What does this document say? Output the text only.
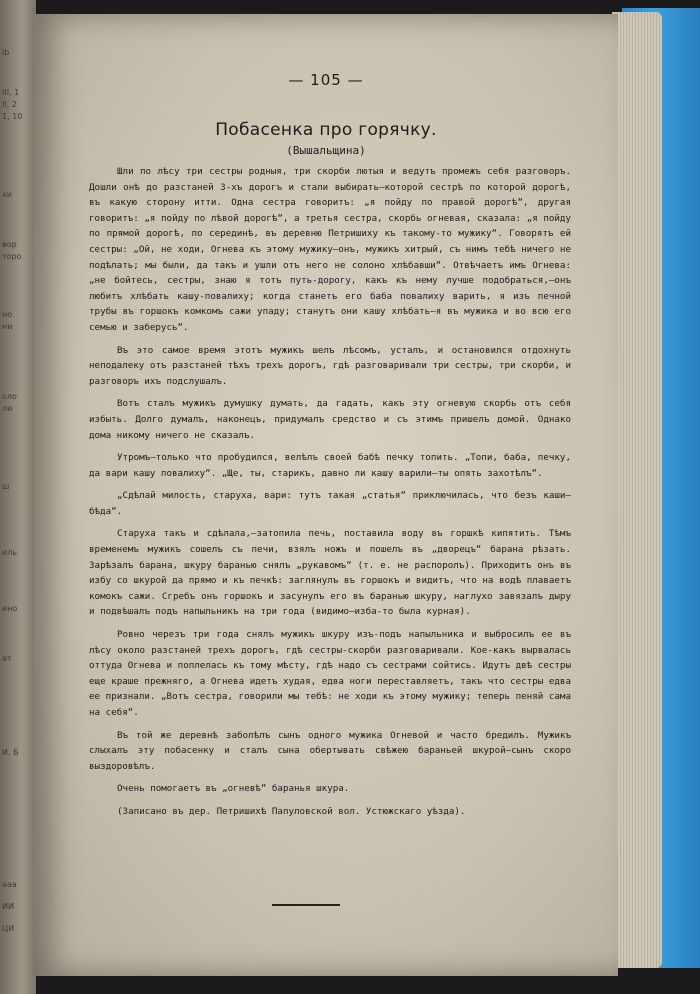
ib
III, 1
II, 2
1, 10
хи
вор
торо
но
ни
оло
ли
ш
иль
ино
ат
И. Б
ааа
ИИ
ЦИ
— 105 —
Побасенка про горячку.
(Вышальщина)

Шли по лѣсу три сестры родныя, три скорби лютыя и ведутъ промежъ себя разговоръ. Дошли онѣ до разстаней 3-хъ дорогъ и стали выбирать—которой сестрѣ по которой дорогѣ, въ какую сторону итти. Одна сестра говоритъ: „я пойду по правой дорогѣ“, другая говоритъ: „я пойду по лѣвой дорогѣ“, а третья сестра, скорбь огневая, сказала: „я пойду по прямой дорогѣ, по серединѣ, въ деревню Петришиху къ такому-то мужику“. Говорятъ ей сестры: „Ой, не ходи, Огнева къ этому мужику—онъ, мужикъ хитрый, съ нимъ тебѣ ничего не подѣлать; мы были, да такъ и ушли отъ него не солоно хлѣбавши“. Отвѣчаетъ имъ Огнева: „не бойтесь, сестры, знаю я тотъ путь-дорогу, какъ къ нему лучше подобраться,—онъ любитъ хлѣбать кашу-повалиху; когда станетъ его баба повалиху варить, я изъ печной трубы въ горшокъ комкомъ сажи упаду; станутъ они кашу хлѣбать—я въ мужика и во всю его семью и заберусь“.

Въ это самое время этотъ мужикъ шелъ лѣсомъ, усталъ, и остановился отдохнуть неподалеку отъ разстаней тѣхъ трехъ дорогъ, гдѣ разговаривали три сестры, три скорби, и разговоръ ихъ подслушалъ.

Вотъ сталъ мужикъ думушку думать, да гадать, какъ эту огневую скорбь отъ себя избыть. Долго думалъ, наконецъ, придумалъ средство и съ этимъ пришелъ домой. Однако дома никому ничего не сказалъ.

Утромъ—только что пробудился, велѣлъ своей бабѣ печку топить. „Топи, баба, печку, да вари кашу повалиху“. „Ще, ты, старикъ, давно ли кашу варили—ты опять захотѣлъ“.

„Сдѣлай милость, старуха, вари: тутъ такая „статья“ приключилась, что безъ каши—бѣда“.

Старуха такъ и сдѣлала,—затопила печь, поставила воду въ горшкѣ кипятить. Тѣмъ временемъ мужикъ сошелъ съ печи, взялъ ножъ и пошелъ въ „дворецъ“ барана рѣзать. Зарѣзалъ барана, шкуру баранью снялъ „рукавомъ“ (т. е. не распоролъ). Приходитъ онъ въ избу со шкурой да прямо и къ печкѣ: заглянулъ въ горшокъ и видитъ, что на водѣ плаваетъ комокъ сажи. Сгребъ онъ горшокъ и засунулъ его въ баранью шкуру, наглухо завязалъ дыру и подвѣшалъ подъ напыльникъ на три года (видимо—изба-то была курная).

Ровно черезъ три года снялъ мужикъ шкуру изъ-подъ напыльника и выбросилъ ее въ лѣсу около разстаней трехъ дорогъ, гдѣ сестры-скорби разговаривали. Кое-какъ вырвалась оттуда Огнева и поплелась къ тому мѣсту, гдѣ надо съ сестрами сойтись. Идутъ двѣ сестры еще краше прежняго, а Огнева идетъ худая, едва ноги переставляетъ, такъ что сестры едва ее признали. „Вотъ сестра, говорили мы тебѣ: не ходи къ этому мужику; теперь пеняй сама на себя“.

Въ той же деревнѣ заболѣлъ сынъ одного мужика Огневой и часто бредилъ. Мужикъ слыхалъ эту побасенку и сталъ сына обертывать свѣжею бараньей шкурой—сынъ скоро выздоровѣлъ.

Очень помогаетъ въ „огневѣ“ баранья шкура.

(Записано въ дер. Петришихѣ Папуловской вол. Устюжскаго уѣзда).
